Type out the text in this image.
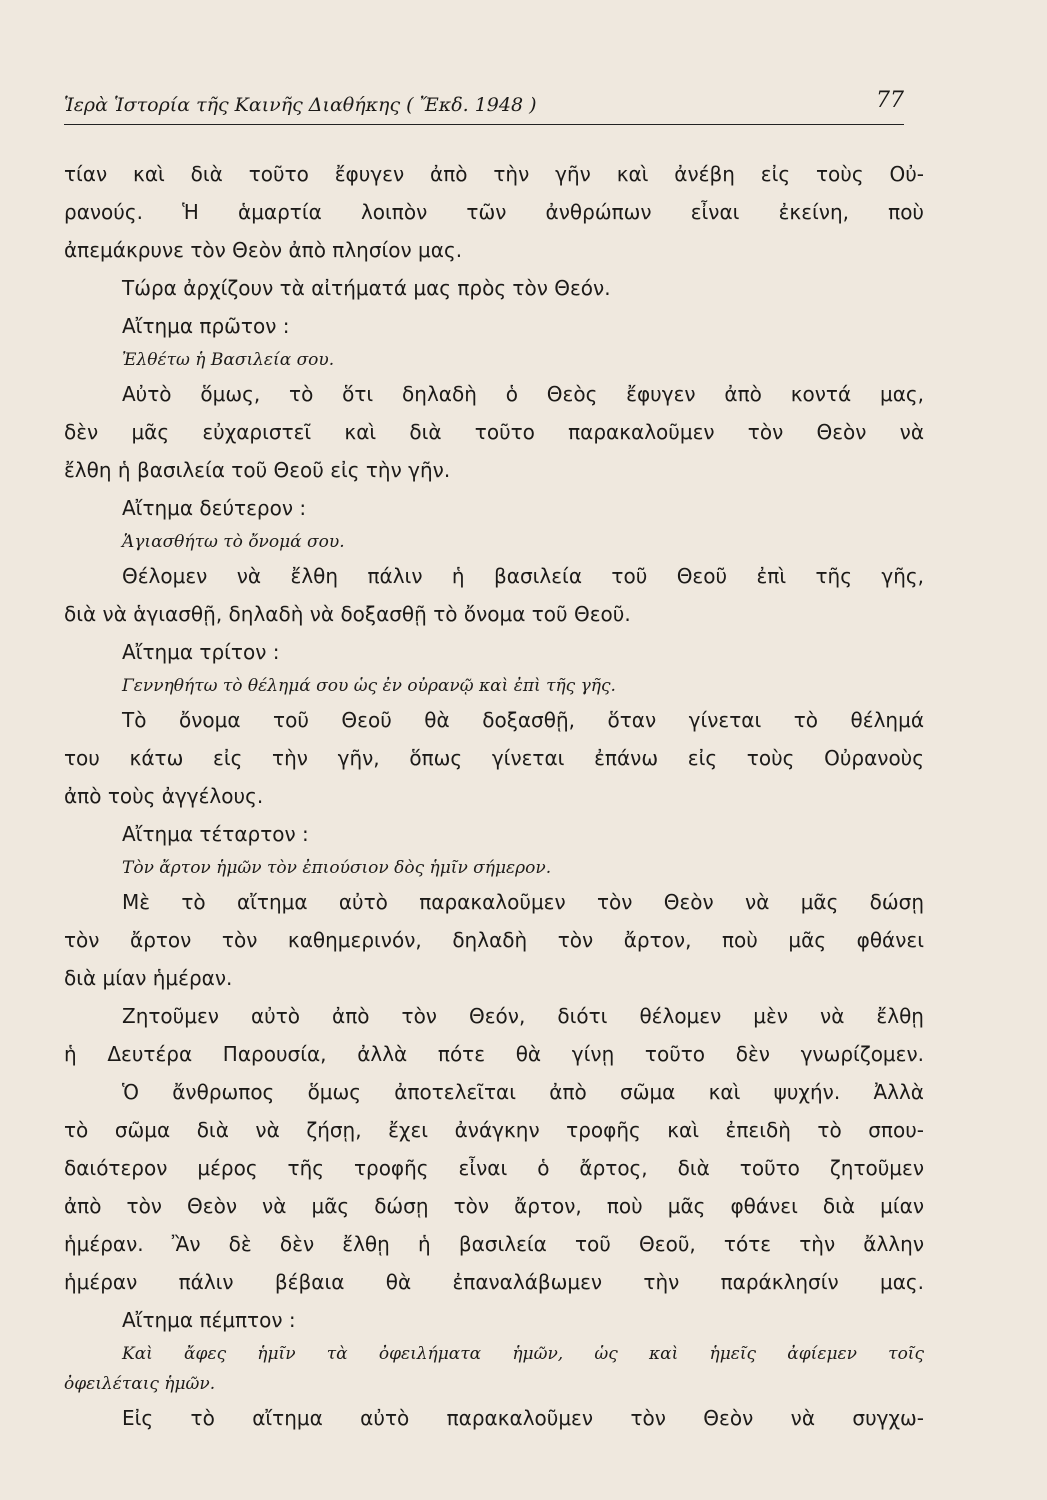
Ἱερὰ Ἱστορία τῆς Καινῆς Διαθήκης ( Ἔκδ. 1948 )	77
τίαν καὶ διὰ τοῦτο ἔφυγεν ἀπὸ τὴν γῆν καὶ ἀνέβη εἰς τοὺς Οὐ-
ρανούς. Ἡ ἁμαρτία λοιπὸν τῶν ἀνθρώπων εἶναι ἐκείνη, ποὺ
ἀπεμάκρυνε τὸν Θεὸν ἀπὸ πλησίον μας.
Τώρα ἀρχίζουν τὰ αἰτήματά μας πρὸς τὸν Θεόν.
Αἴτημα πρῶτον :
Ἐλθέτω ἡ Βασιλεία σου.
Αὐτὸ ὅμως, τὸ ὅτι δηλαδὴ ὁ Θεὸς ἔφυγεν ἀπὸ κοντά μας,
δὲν μᾶς εὐχαριστεῖ καὶ διὰ τοῦτο παρακαλοῦμεν τὸν Θεὸν νὰ
ἔλθη ἡ βασιλεία τοῦ Θεοῦ εἰς τὴν γῆν.
Αἴτημα δεύτερον :
Ἁγιασθήτω τὸ ὄνομά σου.
Θέλομεν νὰ ἔλθη πάλιν ἡ βασιλεία τοῦ Θεοῦ ἐπὶ τῆς γῆς,
διὰ νὰ ἁγιασθῇ, δηλαδὴ νὰ δοξασθῇ τὸ ὄνομα τοῦ Θεοῦ.
Αἴτημα τρίτον :
Γεννηθήτω τὸ θέλημά σου ὡς ἐν οὐρανῷ καὶ ἐπὶ τῆς γῆς.
Τὸ ὄνομα τοῦ Θεοῦ θὰ δοξασθῇ, ὅταν γίνεται τὸ θέλημά
του κάτω εἰς τὴν γῆν, ὅπως γίνεται ἐπάνω εἰς τοὺς Οὐρανοὺς
ἀπὸ τοὺς ἀγγέλους.
Αἴτημα τέταρτον :
Τὸν ἄρτον ἡμῶν τὸν ἐπιούσιον δὸς ἡμῖν σήμερον.
Μὲ τὸ αἴτημα αὐτὸ παρακαλοῦμεν τὸν Θεὸν νὰ μᾶς δώσῃ
τὸν ἄρτον τὸν καθημερινόν, δηλαδὴ τὸν ἄρτον, ποὺ μᾶς φθάνει
διὰ μίαν ἡμέραν.
Ζητοῦμεν αὐτὸ ἀπὸ τὸν Θεόν, διότι θέλομεν μὲν νὰ ἔλθῃ
ἡ Δευτέρα Παρουσία, ἀλλὰ πότε θὰ γίνῃ τοῦτο δὲν γνωρίζομεν.
Ὁ ἄνθρωπος ὅμως ἀποτελεῖται ἀπὸ σῶμα καὶ ψυχήν. Ἀλλὰ
τὸ σῶμα διὰ νὰ ζήσῃ, ἔχει ἀνάγκην τροφῆς καὶ ἐπειδὴ τὸ σπου-
δαιότερον μέρος τῆς τροφῆς εἶναι ὁ ἄρτος, διὰ τοῦτο ζητοῦμεν
ἀπὸ τὸν Θεὸν νὰ μᾶς δώσῃ τὸν ἄρτον, ποὺ μᾶς φθάνει διὰ μίαν
ἡμέραν. Ἂν δὲ δὲν ἔλθῃ ἡ βασιλεία τοῦ Θεοῦ, τότε τὴν ἄλλην
ἡμέραν πάλιν βέβαια θὰ ἐπαναλάβωμεν τὴν παράκλησίν μας.
Αἴτημα πέμπτον :
Καὶ ἄφες ἡμῖν τὰ ὀφειλήματα ἡμῶν, ὡς καὶ ἡμεῖς ἀφίεμεν τοῖς
ὀφειλέταις ἡμῶν.
Εἰς τὸ αἴτημα αὐτὸ παρακαλοῦμεν τὸν Θεὸν νὰ συγχω-
